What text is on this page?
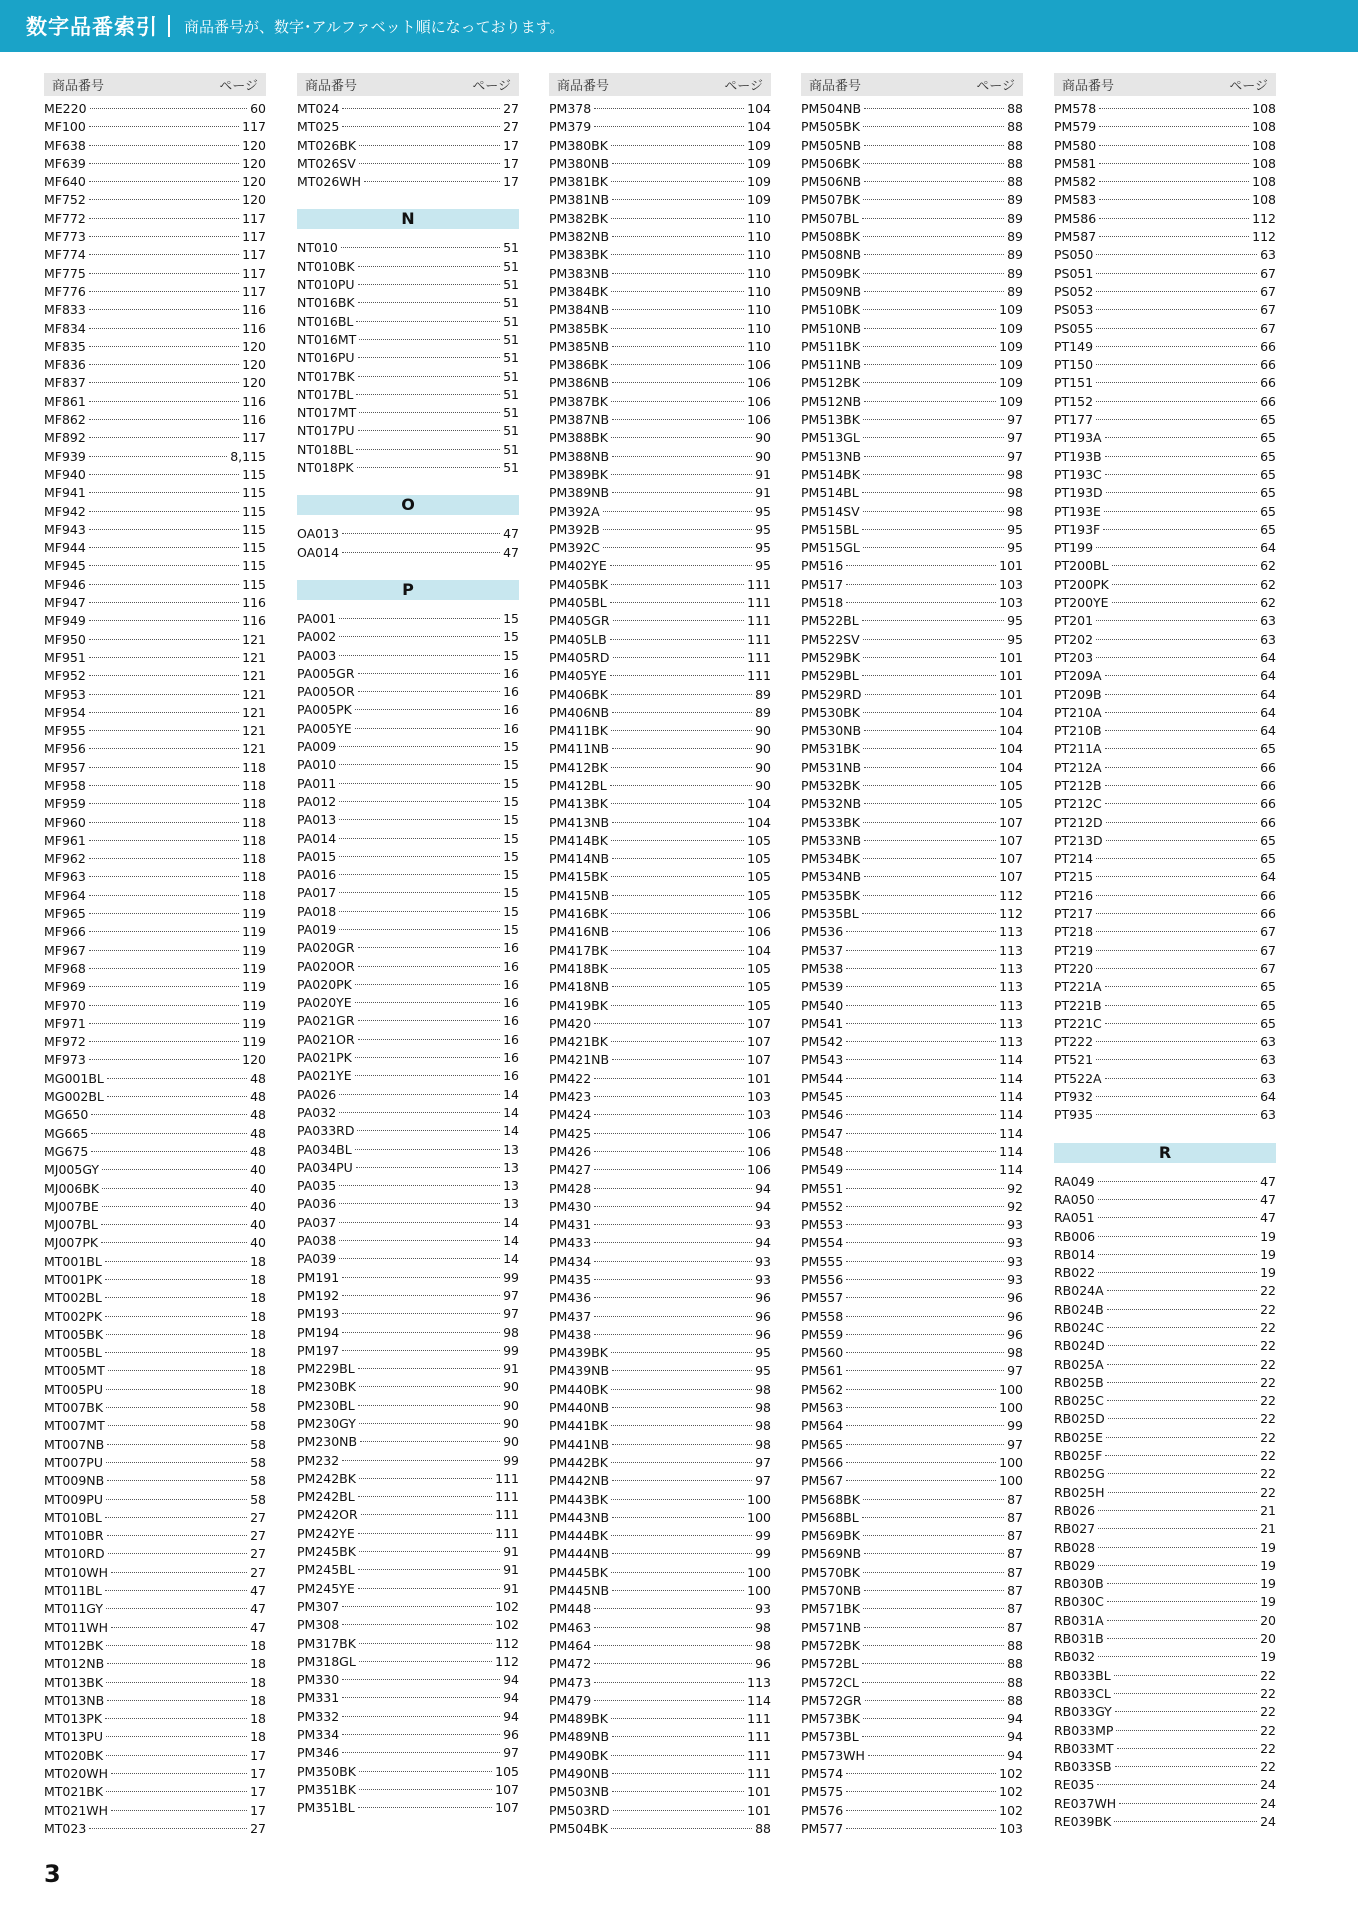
数字品番索引 商品番号が、数字･アルファベット順になっております。
商品番号	ページ
ME220	60
MF100	117
MF638	120
MF639	120
MF640	120
MF752	120
MF772	117
MF773	117
MF774	117
MF775	117
MF776	117
MF833	116
MF834	116
MF835	120
MF836	120
MF837	120
MF861	116
MF862	116
MF892	117
MF939	8,115
MF940	115
MF941	115
MF942	115
MF943	115
MF944	115
MF945	115
MF946	115
MF947	116
MF949	116
MF950	121
MF951	121
MF952	121
MF953	121
MF954	121
MF955	121
MF956	121
MF957	118
MF958	118
MF959	118
MF960	118
MF961	118
MF962	118
MF963	118
MF964	118
MF965	119
MF966	119
MF967	119
MF968	119
MF969	119
MF970	119
MF971	119
MF972	119
MF973	120
MG001BL	48
MG002BL	48
MG650	48
MG665	48
MG675	48
MJ005GY	40
MJ006BK	40
MJ007BE	40
MJ007BL	40
MJ007PK	40
MT001BL	18
MT001PK	18
MT002BL	18
MT002PK	18
MT005BK	18
MT005BL	18
MT005MT	18
MT005PU	18
MT007BK	58
MT007MT	58
MT007NB	58
MT007PU	58
MT009NB	58
MT009PU	58
MT010BL	27
MT010BR	27
MT010RD	27
MT010WH	27
MT011BL	47
MT011GY	47
MT011WH	47
MT012BK	18
MT012NB	18
MT013BK	18
MT013NB	18
MT013PK	18
MT013PU	18
MT020BK	17
MT020WH	17
MT021BK	17
MT021WH	17
MT023	27
商品番号	ページ
MT024	27
MT025	27
MT026BK	17
MT026SV	17
MT026WH	17
N
NT010	51
NT010BK	51
NT010PU	51
NT016BK	51
NT016BL	51
NT016MT	51
NT016PU	51
NT017BK	51
NT017BL	51
NT017MT	51
NT017PU	51
NT018BL	51
NT018PK	51
O
OA013	47
OA014	47
P
PA001	15
PA002	15
PA003	15
PA005GR	16
PA005OR	16
PA005PK	16
PA005YE	16
PA009	15
PA010	15
PA011	15
PA012	15
PA013	15
PA014	15
PA015	15
PA016	15
PA017	15
PA018	15
PA019	15
PA020GR	16
PA020OR	16
PA020PK	16
PA020YE	16
PA021GR	16
PA021OR	16
PA021PK	16
PA021YE	16
PA026	14
PA032	14
PA033RD	14
PA034BL	13
PA034PU	13
PA035	13
PA036	13
PA037	14
PA038	14
PA039	14
PM191	99
PM192	97
PM193	97
PM194	98
PM197	99
PM229BL	91
PM230BK	90
PM230BL	90
PM230GY	90
PM230NB	90
PM232	99
PM242BK	111
PM242BL	111
PM242OR	111
PM242YE	111
PM245BK	91
PM245BL	91
PM245YE	91
PM307	102
PM308	102
PM317BK	112
PM318GL	112
PM330	94
PM331	94
PM332	94
PM334	96
PM346	97
PM350BK	105
PM351BK	107
PM351BL	107
商品番号	ページ
PM378	104
PM379	104
PM380BK	109
PM380NB	109
PM381BK	109
PM381NB	109
PM382BK	110
PM382NB	110
PM383BK	110
PM383NB	110
PM384BK	110
PM384NB	110
PM385BK	110
PM385NB	110
PM386BK	106
PM386NB	106
PM387BK	106
PM387NB	106
PM388BK	90
PM388NB	90
PM389BK	91
PM389NB	91
PM392A	95
PM392B	95
PM392C	95
PM402YE	95
PM405BK	111
PM405BL	111
PM405GR	111
PM405LB	111
PM405RD	111
PM405YE	111
PM406BK	89
PM406NB	89
PM411BK	90
PM411NB	90
PM412BK	90
PM412BL	90
PM413BK	104
PM413NB	104
PM414BK	105
PM414NB	105
PM415BK	105
PM415NB	105
PM416BK	106
PM416NB	106
PM417BK	104
PM418BK	105
PM418NB	105
PM419BK	105
PM420	107
PM421BK	107
PM421NB	107
PM422	101
PM423	103
PM424	103
PM425	106
PM426	106
PM427	106
PM428	94
PM430	94
PM431	93
PM433	94
PM434	93
PM435	93
PM436	96
PM437	96
PM438	96
PM439BK	95
PM439NB	95
PM440BK	98
PM440NB	98
PM441BK	98
PM441NB	98
PM442BK	97
PM442NB	97
PM443BK	100
PM443NB	100
PM444BK	99
PM444NB	99
PM445BK	100
PM445NB	100
PM448	93
PM463	98
PM464	98
PM472	96
PM473	113
PM479	114
PM489BK	111
PM489NB	111
PM490BK	111
PM490NB	111
PM503NB	101
PM503RD	101
PM504BK	88
商品番号	ページ
PM504NB	88
PM505BK	88
PM505NB	88
PM506BK	88
PM506NB	88
PM507BK	89
PM507BL	89
PM508BK	89
PM508NB	89
PM509BK	89
PM509NB	89
PM510BK	109
PM510NB	109
PM511BK	109
PM511NB	109
PM512BK	109
PM512NB	109
PM513BK	97
PM513GL	97
PM513NB	97
PM514BK	98
PM514BL	98
PM514SV	98
PM515BL	95
PM515GL	95
PM516	101
PM517	103
PM518	103
PM522BL	95
PM522SV	95
PM529BK	101
PM529BL	101
PM529RD	101
PM530BK	104
PM530NB	104
PM531BK	104
PM531NB	104
PM532BK	105
PM532NB	105
PM533BK	107
PM533NB	107
PM534BK	107
PM534NB	107
PM535BK	112
PM535BL	112
PM536	113
PM537	113
PM538	113
PM539	113
PM540	113
PM541	113
PM542	113
PM543	114
PM544	114
PM545	114
PM546	114
PM547	114
PM548	114
PM549	114
PM551	92
PM552	92
PM553	93
PM554	93
PM555	93
PM556	93
PM557	96
PM558	96
PM559	96
PM560	98
PM561	97
PM562	100
PM563	100
PM564	99
PM565	97
PM566	100
PM567	100
PM568BK	87
PM568BL	87
PM569BK	87
PM569NB	87
PM570BK	87
PM570NB	87
PM571BK	87
PM571NB	87
PM572BK	88
PM572BL	88
PM572CL	88
PM572GR	88
PM573BK	94
PM573BL	94
PM573WH	94
PM574	102
PM575	102
PM576	102
PM577	103
商品番号	ページ
PM578	108
PM579	108
PM580	108
PM581	108
PM582	108
PM583	108
PM586	112
PM587	112
PS050	63
PS051	67
PS052	67
PS053	67
PS055	67
PT149	66
PT150	66
PT151	66
PT152	66
PT177	65
PT193A	65
PT193B	65
PT193C	65
PT193D	65
PT193E	65
PT193F	65
PT199	64
PT200BL	62
PT200PK	62
PT200YE	62
PT201	63
PT202	63
PT203	64
PT209A	64
PT209B	64
PT210A	64
PT210B	64
PT211A	65
PT212A	66
PT212B	66
PT212C	66
PT212D	66
PT213D	65
PT214	65
PT215	64
PT216	66
PT217	66
PT218	67
PT219	67
PT220	67
PT221A	65
PT221B	65
PT221C	65
PT222	63
PT521	63
PT522A	63
PT932	64
PT935	63
R
RA049	47
RA050	47
RA051	47
RB006	19
RB014	19
RB022	19
RB024A	22
RB024B	22
RB024C	22
RB024D	22
RB025A	22
RB025B	22
RB025C	22
RB025D	22
RB025E	22
RB025F	22
RB025G	22
RB025H	22
RB026	21
RB027	21
RB028	19
RB029	19
RB030B	19
RB030C	19
RB031A	20
RB031B	20
RB032	19
RB033BL	22
RB033CL	22
RB033GY	22
RB033MP	22
RB033MT	22
RB033SB	22
RE035	24
RE037WH	24
RE039BK	24
3
